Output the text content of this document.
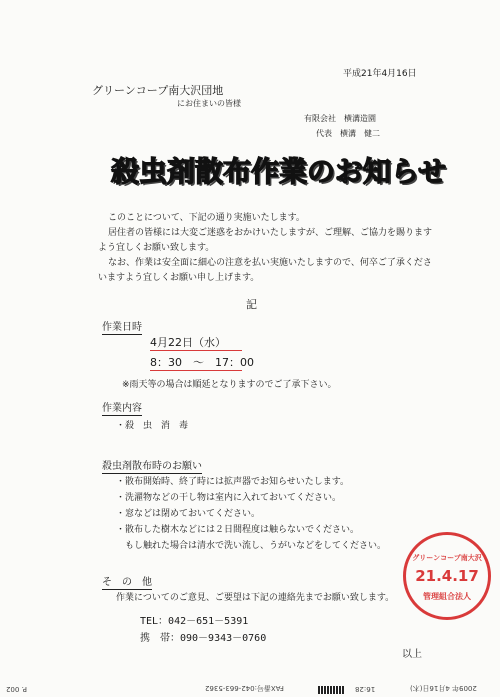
平成21年4月16日
グリーンコープ南大沢団地
にお住まいの皆様
有限会社　横溝造園
代表　横溝　健二
殺虫剤散布作業のお知らせ
このことについて、下記の通り実施いたします。
居住者の皆様には大変ご迷惑をおかけいたしますが、ご理解、ご協力を賜ります
よう宜しくお願い致します。
なお、作業は安全面に細心の注意を払い実施いたしますので、何卒ご了承くださ
いますよう宜しくお願い申し上げます。
記
作業日時
4月22日（水）
8：30　～　17：00
※雨天等の場合は順延となりますのでご了承下さい。
作業内容
・殺　虫　消　毒
殺虫剤散布時のお願い
・散布開始時、終了時には拡声器でお知らせいたします。
・洗濯物などの干し物は室内に入れておいてください。
・窓などは閉めておいてください。
・散布した樹木などには２日間程度は触らないでください。
　もし触れた場合は清水で洗い流し、うがいなどをしてください。
そ　の　他
作業についてのご意見、ご要望は下記の連絡先までお願い致します。
TEL：042－651－5391
携　帯：090－9343－0760
以上
グリーンコープ南大沢
21.4.17
管理組合法人
P. 002	FAX番号:042-663-5362	16:28	2009年 4月16日(木)
